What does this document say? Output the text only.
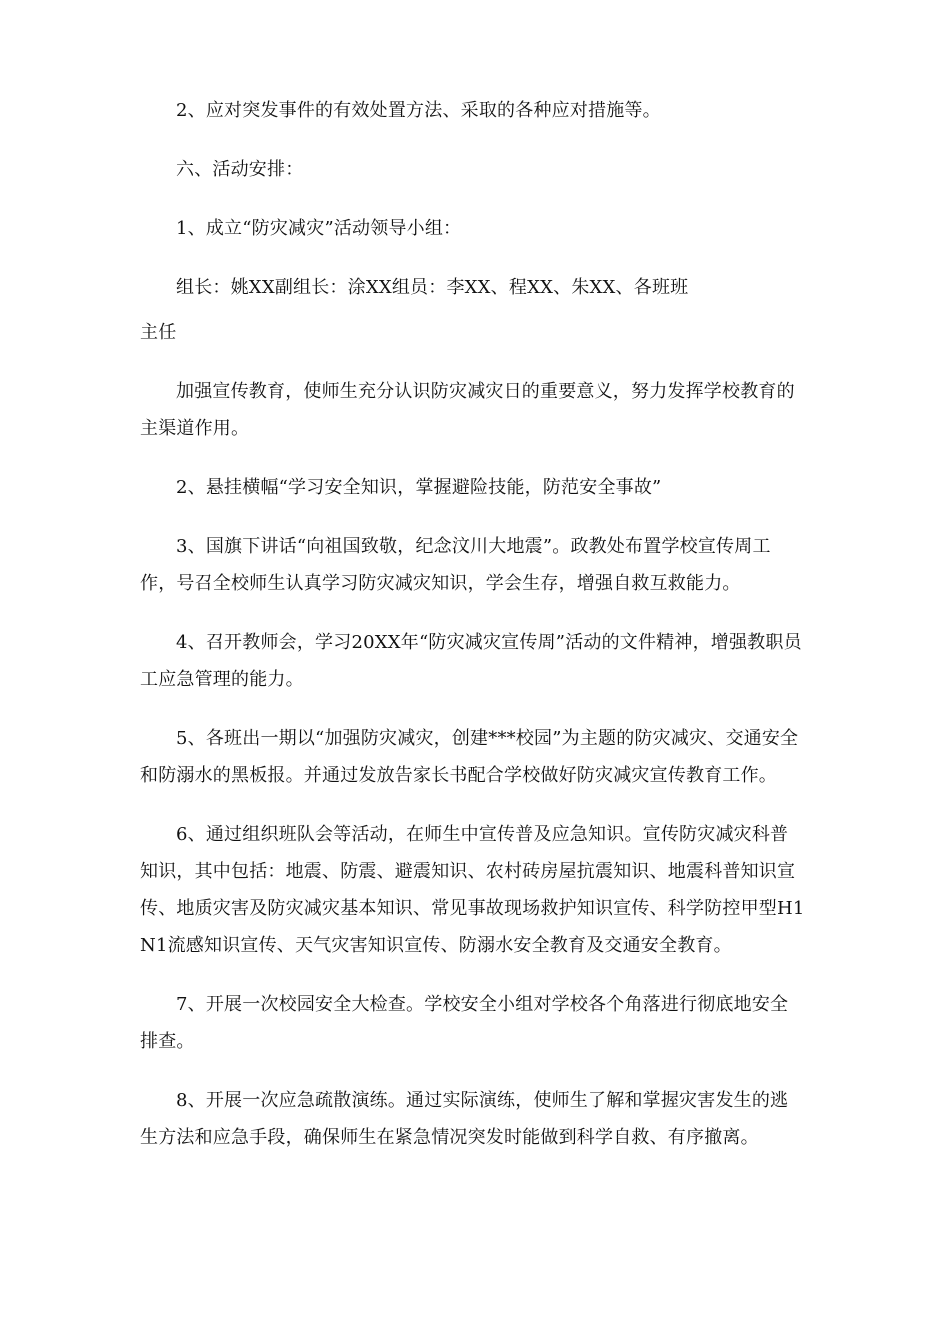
2、应对突发事件的有效处置方法、采取的各种应对措施等。

六、活动安排：

1、成立“防灾减灾”活动领导小组：

组长：姚XX副组长：涂XX组员：李XX、程XX、朱XX、各班班

主任

加强宣传教育，使师生充分认识防灾减灾日的重要意义，努力发挥学校教育的主渠道作用。

2、悬挂横幅“学习安全知识，掌握避险技能，防范安全事故”

3、国旗下讲话“向祖国致敬，纪念汶川大地震”。政教处布置学校宣传周工作，号召全校师生认真学习防灾减灾知识，学会生存，增强自救互救能力。

4、召开教师会，学习20XX年“防灾减灾宣传周”活动的文件精神，增强教职员工应急管理的能力。

5、各班出一期以“加强防灾减灾，创建***校园”为主题的防灾减灾、交通安全和防溺水的黑板报。并通过发放告家长书配合学校做好防灾减灾宣传教育工作。

6、通过组织班队会等活动，在师生中宣传普及应急知识。宣传防灾减灾科普知识，其中包括：地震、防震、避震知识、农村砖房屋抗震知识、地震科普知识宣传、地质灾害及防灾减灾基本知识、常见事故现场救护知识宣传、科学防控甲型H1N1流感知识宣传、天气灾害知识宣传、防溺水安全教育及交通安全教育。

7、开展一次校园安全大检查。学校安全小组对学校各个角落进行彻底地安全排查。

8、开展一次应急疏散演练。通过实际演练，使师生了解和掌握灾害发生的逃生方法和应急手段，确保师生在紧急情况突发时能做到科学自救、有序撤离。
